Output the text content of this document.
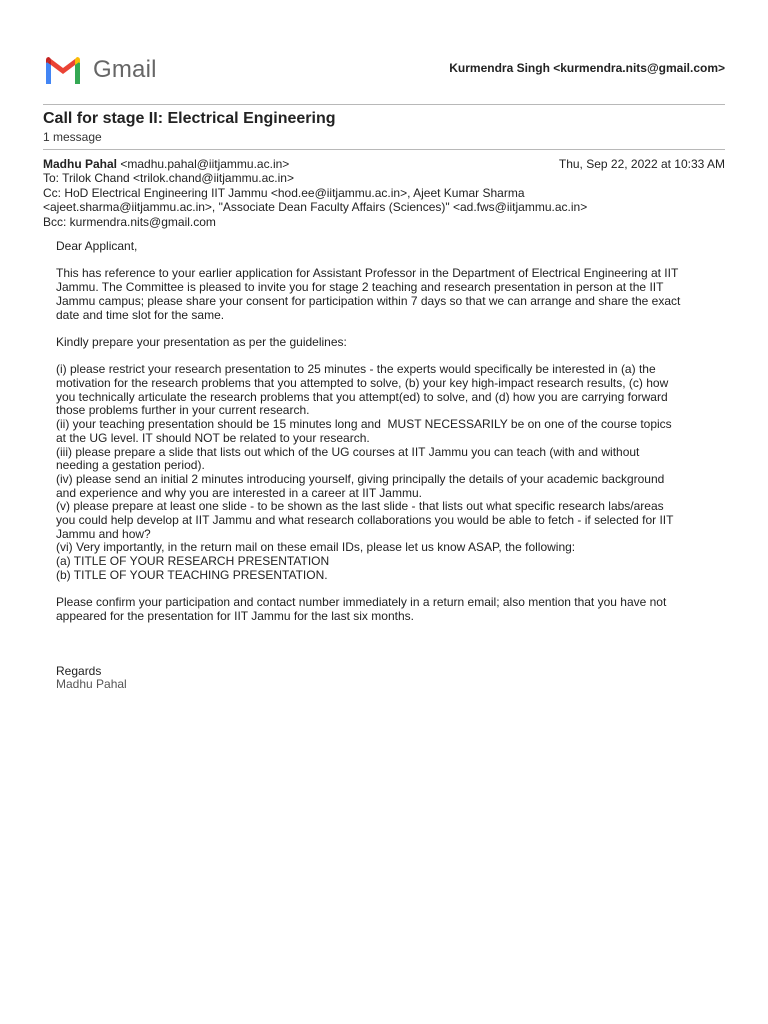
Gmail	Kurmendra Singh <kurmendra.nits@gmail.com>
Call for stage II: Electrical Engineering
1 message
Madhu Pahal <madhu.pahal@iitjammu.ac.in>	Thu, Sep 22, 2022 at 10:33 AM
To: Trilok Chand <trilok.chand@iitjammu.ac.in>
Cc: HoD Electrical Engineering IIT Jammu <hod.ee@iitjammu.ac.in>, Ajeet Kumar Sharma
<ajeet.sharma@iitjammu.ac.in>, "Associate Dean Faculty Affairs (Sciences)" <ad.fws@iitjammu.ac.in>
Bcc: kurmendra.nits@gmail.com

Dear Applicant,

This has reference to your earlier application for Assistant Professor in the Department of Electrical Engineering at IIT
Jammu. The Committee is pleased to invite you for stage 2 teaching and research presentation in person at the IIT
Jammu campus; please share your consent for participation within 7 days so that we can arrange and share the exact
date and time slot for the same.

Kindly prepare your presentation as per the guidelines:

(i) please restrict your research presentation to 25 minutes - the experts would specifically be interested in (a) the
motivation for the research problems that you attempted to solve, (b) your key high-impact research results, (c) how
you technically articulate the research problems that you attempt(ed) to solve, and (d) how you are carrying forward
those problems further in your current research.
(ii) your teaching presentation should be 15 minutes long and  MUST NECESSARILY be on one of the course topics
at the UG level. IT should NOT be related to your research.
(iii) please prepare a slide that lists out which of the UG courses at IIT Jammu you can teach (with and without
needing a gestation period).
(iv) please send an initial 2 minutes introducing yourself, giving principally the details of your academic background
and experience and why you are interested in a career at IIT Jammu.
(v) please prepare at least one slide - to be shown as the last slide - that lists out what specific research labs/areas
you could help develop at IIT Jammu and what research collaborations you would be able to fetch - if selected for IIT
Jammu and how?
(vi) Very importantly, in the return mail on these email IDs, please let us know ASAP, the following:
(a) TITLE OF YOUR RESEARCH PRESENTATION
(b) TITLE OF YOUR TEACHING PRESENTATION.
Please confirm your participation and contact number immediately in a return email; also mention that you have not
appeared for the presentation for IIT Jammu for the last six months.

Regards

Madhu Pahal
